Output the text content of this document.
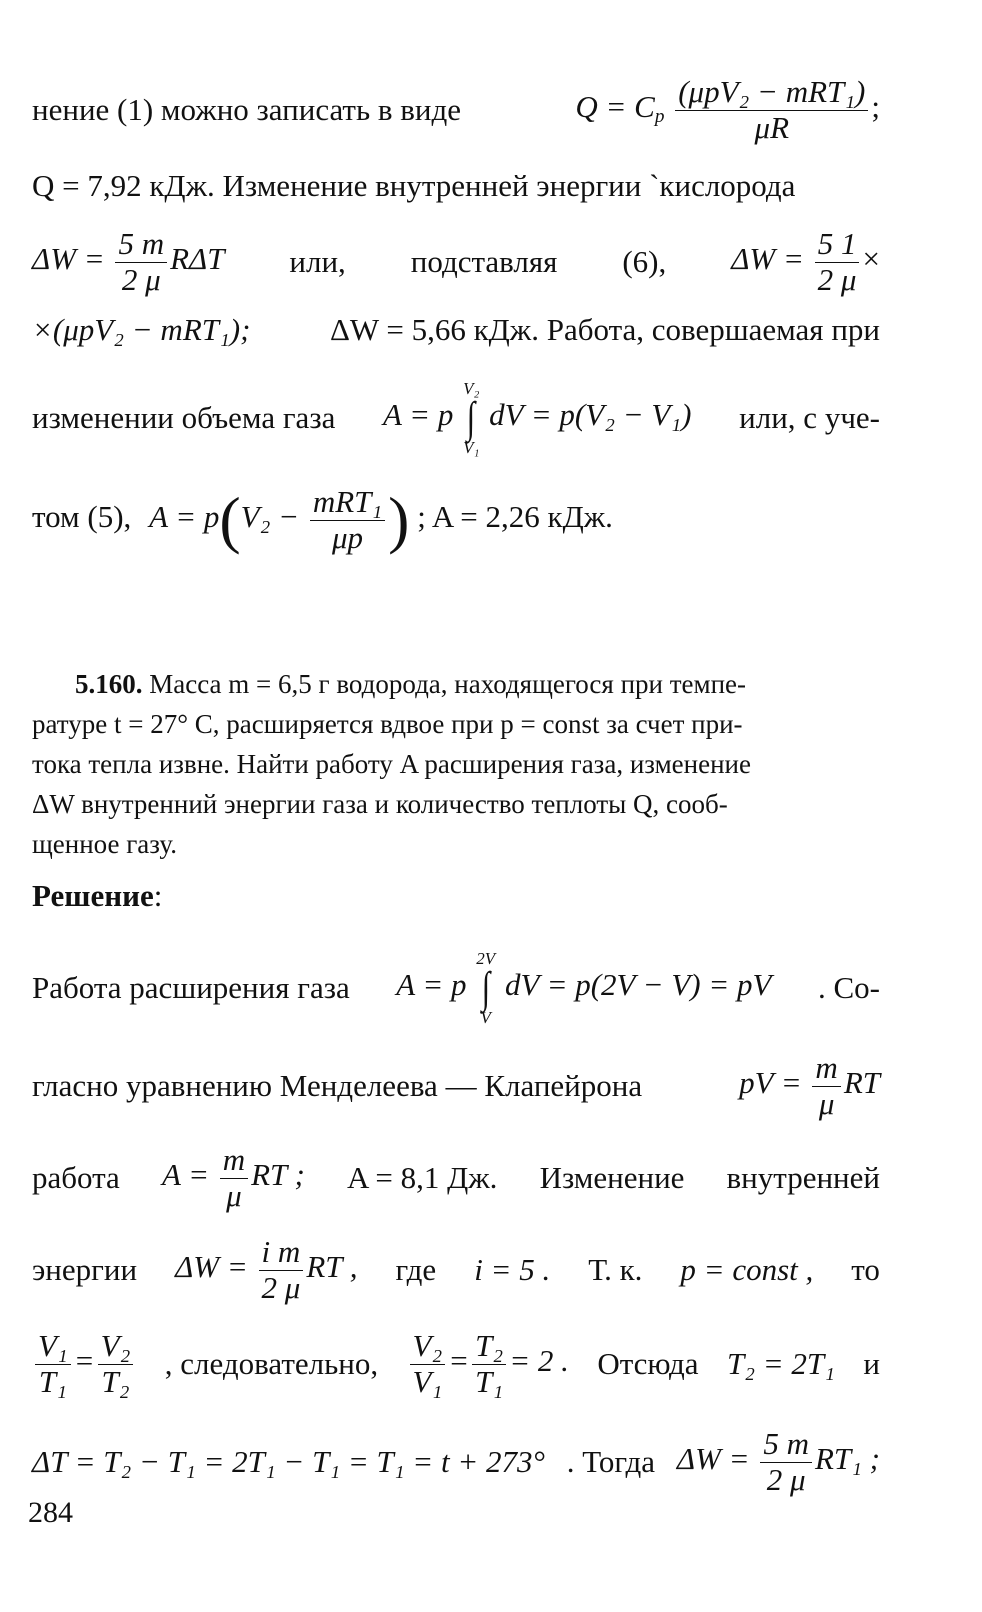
нение (1) можно записать в виде	$Q = C_p \frac{\text{(μpV₂ − mRT₁)}}{\mu R}$ ;
Q = 7,92 кДж. Изменение внутренней энергии `кислорода
$\Delta W = \frac{5 m}{2 \mu}$ RΔT или, подставляя (6), $\Delta W = \frac{5 1}{2 \mu}$ ×
×(μpV₂ − mRT₁);	ΔW = 5,66 кДж. Работа, совершаемая при
изменении объема газа A = p
V₂
∫
V₁
dV = p(V₂ − V₁) или, с уче-
том (5), $A = p(V_2 - \frac{\text{mRT₁}}{\mu p}$ ) ; A = 2,26 кДж.
5.160. Масса m = 6,5 г водорода, находящегося при темпе-
ратуре t = 27° C, расширяется вдвое при p = const за счет при-
тока тепла извне. Найти работу A расширения газа, изменение
ΔW внутренний энергии газа и количество теплоты Q, сооб-
щенное газу.
Решение:
Работа расширения газа A = p
2V
∫
V
dV = p(2V − V) = pV . Со-
гласно уравнению Менделеева — Клапейрона	pV = $\frac{m}{\mu}$ RT
работа $A = \frac{m}{\mu}$ RT ; A = 8,1 Дж. Изменение внутренней
энергии $\Delta W = \frac{\text{i m}}{2 \mu}$ RT , где i = 5 . Т. к. p = const , то
$\frac{\text{V₁}}{\text{T₁}} = \frac{\text{V₂}}{\text{T₂}}$ , следовательно, $\frac{\text{V₂}}{\text{V₁}} = \frac{\text{T₂}}{\text{T₁}} = 2$ . Отсюда T₂ = 2T₁ и
ΔT = T₂ − T₁ = 2T₁ − T₁ = T₁ = t + 273° . Тогда $\Delta W = \frac{5 m}{2 \mu} RT_1$ ;
284
